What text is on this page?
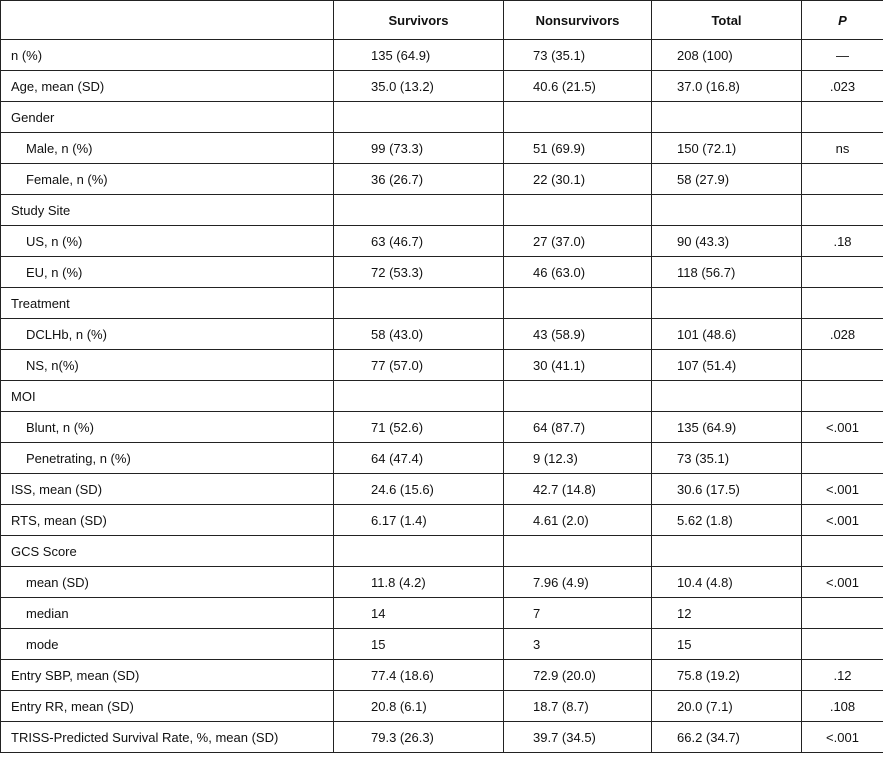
	Survivors	Nonsurvivors	Total	P
n (%)	135 (64.9)	73 (35.1)	208 (100)	—
Age, mean (SD)	35.0 (13.2)	40.6 (21.5)	37.0 (16.8)	.023
Gender				
Male, n (%)	99 (73.3)	51 (69.9)	150 (72.1)	ns
Female, n (%)	36 (26.7)	22 (30.1)	58 (27.9)	
Study Site				
US, n (%)	63 (46.7)	27 (37.0)	90 (43.3)	.18
EU, n (%)	72 (53.3)	46 (63.0)	118 (56.7)	
Treatment				
DCLHb, n (%)	58 (43.0)	43 (58.9)	101 (48.6)	.028
NS, n(%)	77 (57.0)	30 (41.1)	107 (51.4)	
MOI				
Blunt, n (%)	71 (52.6)	64 (87.7)	135 (64.9)	<.001
Penetrating, n (%)	64 (47.4)	9 (12.3)	73 (35.1)	
ISS, mean (SD)	24.6 (15.6)	42.7 (14.8)	30.6 (17.5)	<.001
RTS, mean (SD)	6.17 (1.4)	4.61 (2.0)	5.62 (1.8)	<.001
GCS Score				
mean (SD)	11.8 (4.2)	7.96 (4.9)	10.4 (4.8)	<.001
median	14	7	12	
mode	15	3	15	
Entry SBP, mean (SD)	77.4 (18.6)	72.9 (20.0)	75.8 (19.2)	.12
Entry RR, mean (SD)	20.8 (6.1)	18.7 (8.7)	20.0 (7.1)	.108
TRISS-Predicted Survival Rate, %, mean (SD)	79.3 (26.3)	39.7 (34.5)	66.2 (34.7)	<.001
